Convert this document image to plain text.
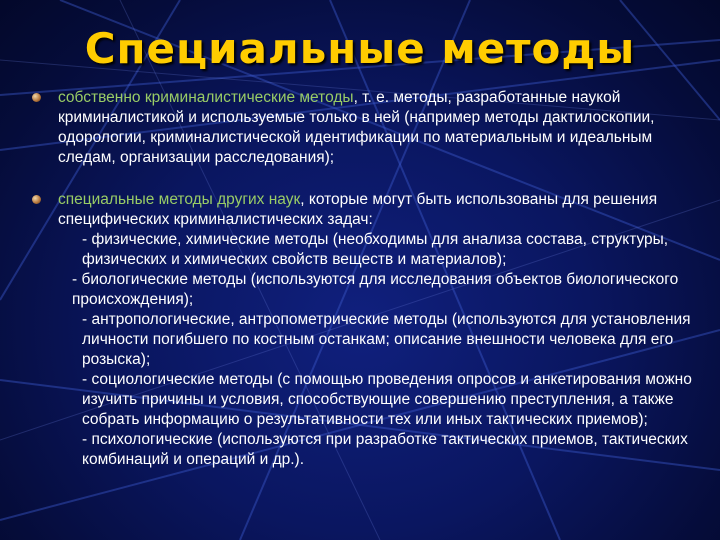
Специальные методы
собственно криминалистические методы, т. е. методы, разработанные наукой криминалистикой и используемые только в ней (например методы дактилоскопии, одорологии, криминалистической идентификации по материальным и идеальным следам, организации расследования);
специальные методы других наук, которые могут быть использованы для решения специфических криминалистических задач:
- физические, химические методы (необходимы для анализа состава, структуры, физических и химических свойств веществ и материалов);
- биологические методы (используются для исследования объектов биологического происхождения);
- антропологические, антропометрические методы (используются для установления личности погибшего по костным останкам; описание внешности человека для его розыска);
- социологические методы (с помощью проведения опросов и анкетирования можно изучить причины и условия, способствующие совершению преступления, а также собрать информацию о результативности тех или иных тактических приемов);
- психологические (используются при разработке тактических приемов, тактических комбинаций и операций и др.).
